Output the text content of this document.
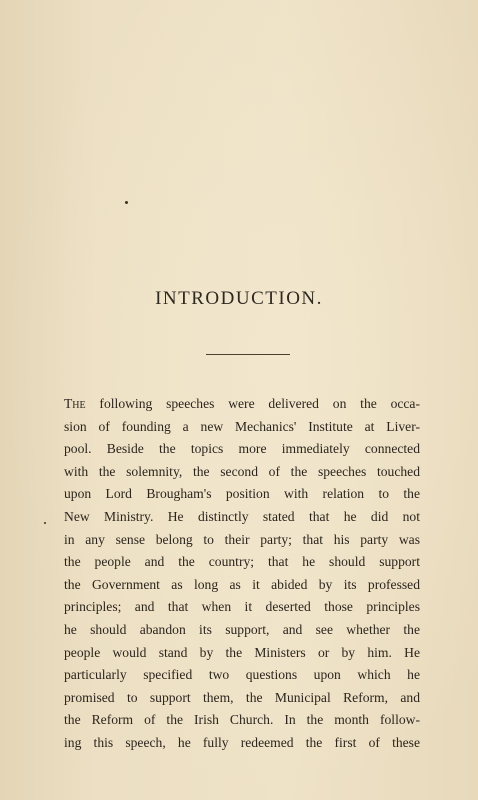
INTRODUCTION.
The following speeches were delivered on the occa-
sion of founding a new Mechanics' Institute at Liver-
pool. Beside the topics more immediately connected
with the solemnity, the second of the speeches touched
upon Lord Brougham's position with relation to the
New Ministry. He distinctly stated that he did not
in any sense belong to their party; that his party was
the people and the country; that he should support
the Government as long as it abided by its professed
principles; and that when it deserted those principles
he should abandon its support, and see whether the
people would stand by the Ministers or by him. He
particularly specified two questions upon which he
promised to support them, the Municipal Reform, and
the Reform of the Irish Church. In the month follow-
ing this speech, he fully redeemed the first of these
